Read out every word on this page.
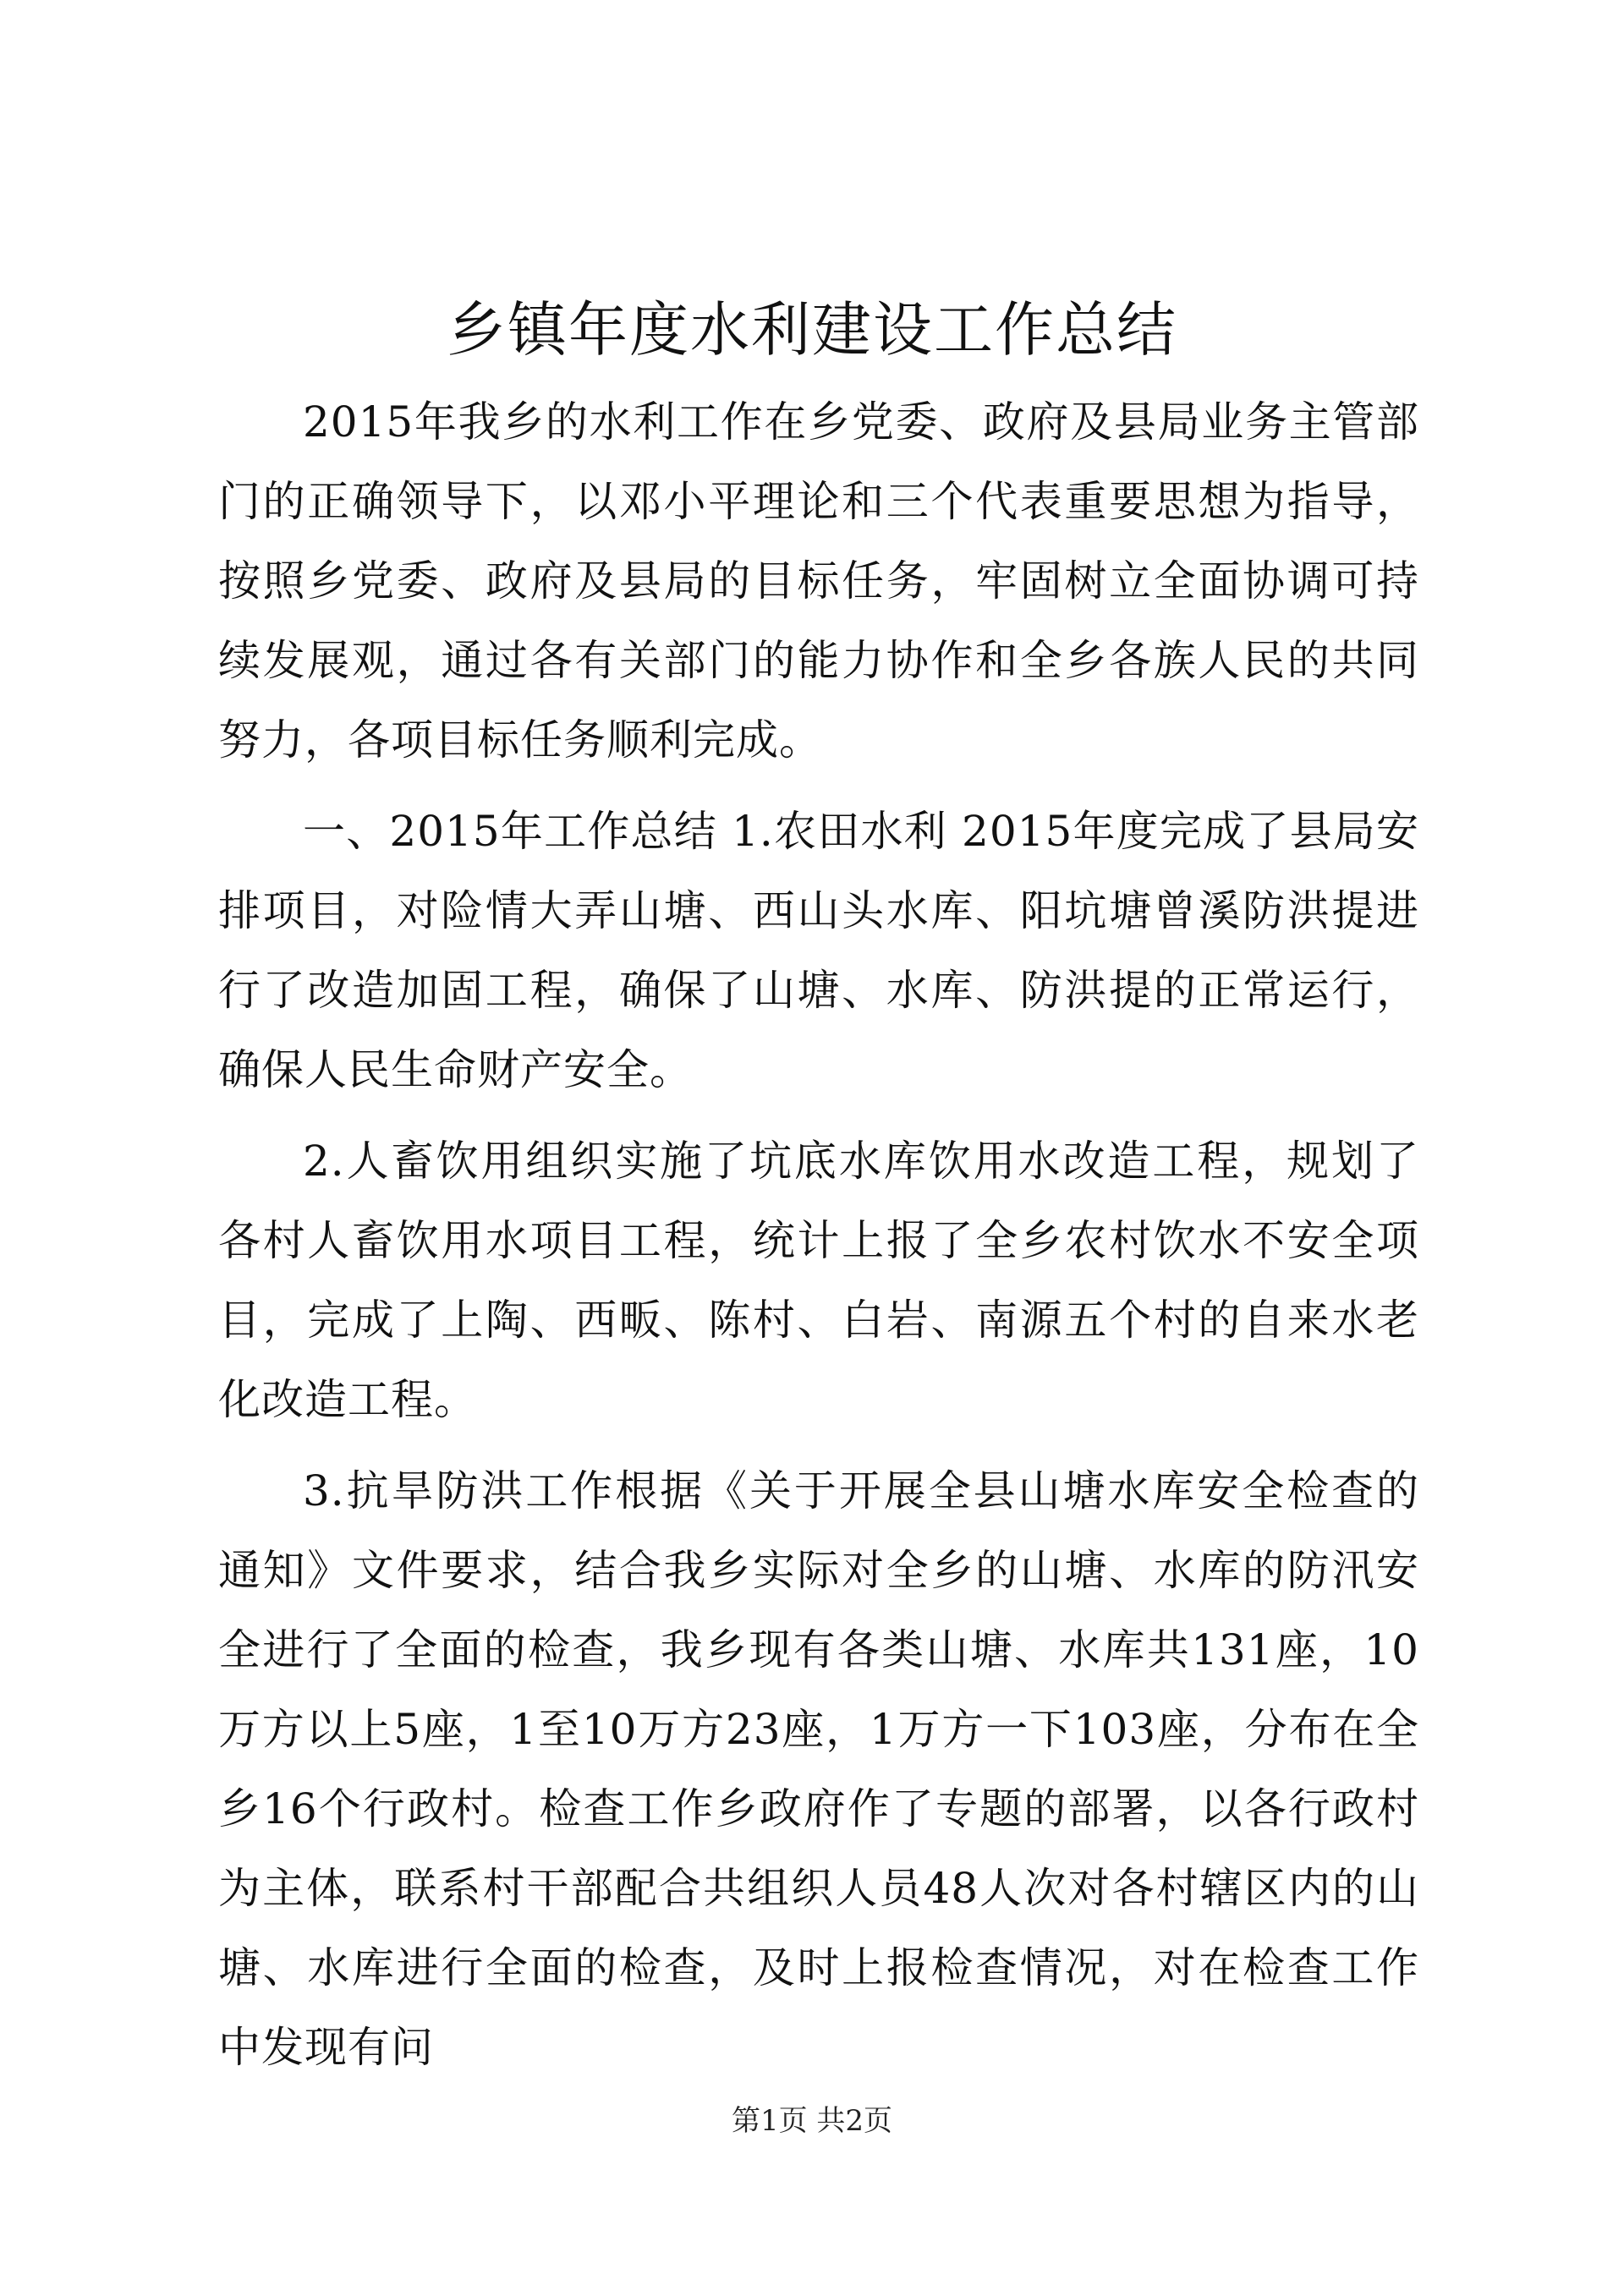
乡镇年度水利建设工作总结

2015年我乡的水利工作在乡党委、政府及县局业务主管部门的正确领导下，以邓小平理论和三个代表重要思想为指导，按照乡党委、政府及县局的目标任务，牢固树立全面协调可持续发展观，通过各有关部门的能力协作和全乡各族人民的共同努力，各项目标任务顺利完成。

一、2015年工作总结 1.农田水利 2015年度完成了县局安排项目，对险情大弄山塘、西山头水库、阳坑塘曾溪防洪提进行了改造加固工程，确保了山塘、水库、防洪提的正常运行，确保人民生命财产安全。

2.人畜饮用组织实施了坑底水库饮用水改造工程，规划了各村人畜饮用水项目工程，统计上报了全乡农村饮水不安全项目，完成了上陶、西畈、陈村、白岩、南源五个村的自来水老化改造工程。

3.抗旱防洪工作根据《关于开展全县山塘水库安全检查的通知》文件要求，结合我乡实际对全乡的山塘、水库的防汛安全进行了全面的检查，我乡现有各类山塘、水库共131座，10万方以上5座，1至10万方23座，1万方一下103座，分布在全乡16个行政村。检查工作乡政府作了专题的部署，以各行政村为主体，联系村干部配合共组织人员48人次对各村辖区内的山塘、水库进行全面的检查，及时上报检查情况，对在检查工作中发现有问

第1页 共2页
